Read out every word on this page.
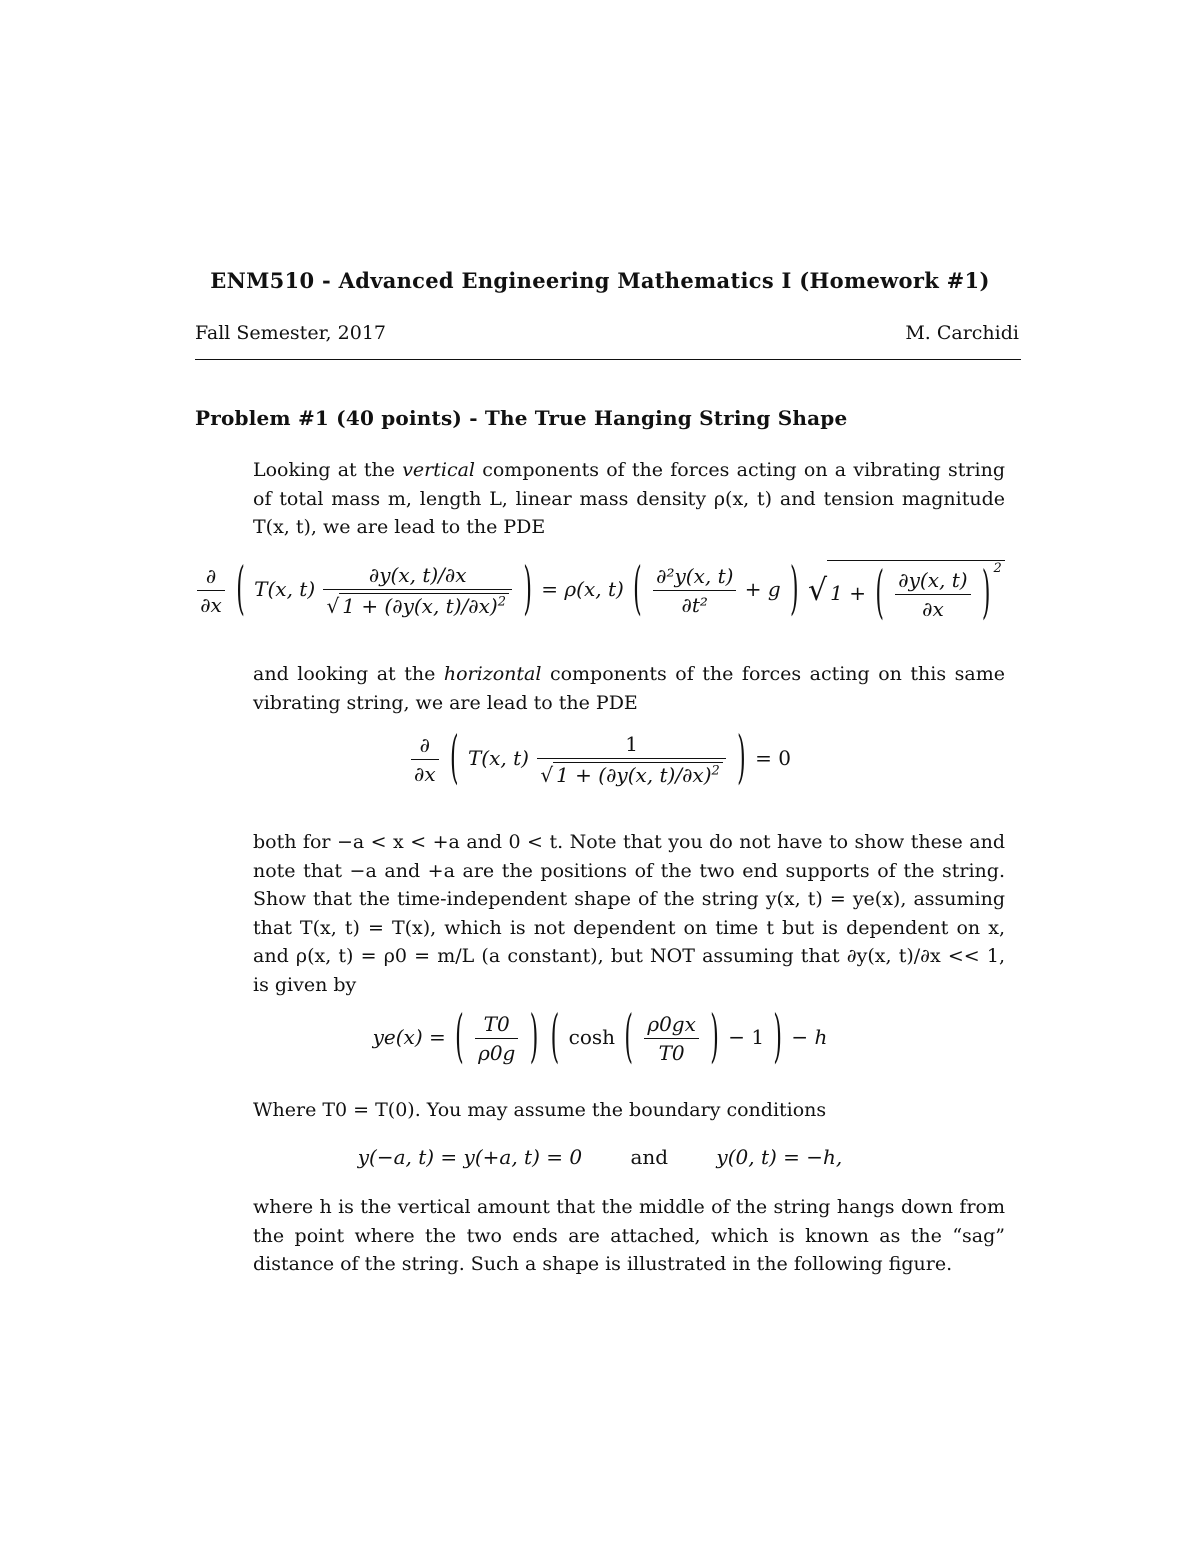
ENM510 - Advanced Engineering Mathematics I (Homework #1)
Fall Semester, 2017	M. Carchidi
Problem #1 (40 points) - The True Hanging String Shape

Looking at the vertical components of the forces acting on a vibrating string of total mass m, length L, linear mass density ρ(x, t) and tension magnitude T(x, t), we are lead to the PDE

$\frac{\partial}{\partial x}$ ( T(x, $t) \frac{\partial y(x, t)/\partial x}{√ 1 + (\partial y(x, t)/\partial x)^2}$ ) = ρ(x, t) ( $\frac{\text{∂²y(x, t)}}{\text{∂t²}} + g$ ) √ 1 + ( $\frac{\partial y(x, t)}{\partial x}$ ) $^2$

and looking at the horizontal components of the forces acting on this same vibrating string, we are lead to the PDE

$\frac{\partial}{\partial x}$ ( T(x, $t) \frac{1}{√ 1 + (\partial y(x, t)/\partial x)^2}$ ) = 0

both for −a < x < +a and 0 < t. Note that you do not have to show these and note that −a and +a are the positions of the two end supports of the string. Show that the time-independent shape of the string y(x, t) = ye(x), assuming that T(x, t) = T(x), which is not dependent on time t but is dependent on x, and ρ(x, t) = ρ0 = m/L (a constant), but NOT assuming that ∂y(x, t)/∂x << 1, is given by

ye(x) = ( $\frac{T0}{\rho 0g}$ ) ( cosh ( $\frac{\rho 0gx}{T0}$ ) − 1 ) − h

Where T0 = T(0). You may assume the boundary conditions

y(−a, t) = y(+a, t) = 0 and y(0, t) = −h,

where h is the vertical amount that the middle of the string hangs down from the point where the two ends are attached, which is known as the “sag” distance of the string. Such a shape is illustrated in the following figure.
